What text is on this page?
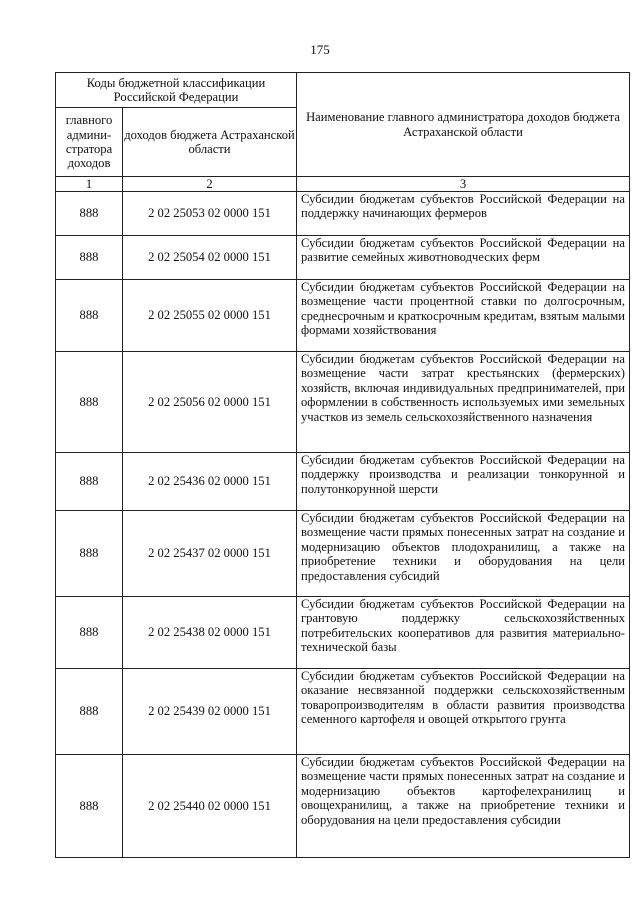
175
Коды бюджетной классификации Российской Федерации		Наименование главного администратора доходов бюджета Астраханской области
главного админи-стратора доходов	доходов бюджета Астраханской области	
1	2	3
888	2 02 25053 02 0000 151	Субсидии бюджетам субъектов Российской Федерации на поддержку начинающих фермеров
888	2 02 25054 02 0000 151	Субсидии бюджетам субъектов Российской Федерации на развитие семейных животноводческих ферм
888	2 02 25055 02 0000 151	Субсидии бюджетам субъектов Российской Федерации на возмещение части процентной ставки по долгосрочным, среднесрочным и краткосрочным кредитам, взятым малыми формами хозяйствования
888	2 02 25056 02 0000 151	Субсидии бюджетам субъектов Российской Федерации на возмещение части затрат крестьянских (фермерских) хозяйств, включая индивидуальных предпринимателей, при оформлении в собственность используемых ими земельных участков из земель сельскохозяйственного назначения
888	2 02 25436 02 0000 151	Субсидии бюджетам субъектов Российской Федерации на поддержку производства и реализации тонкорунной и полутонкорунной шерсти
888	2 02 25437 02 0000 151	Субсидии бюджетам субъектов Российской Федерации на возмещение части прямых понесенных затрат на создание и модернизацию объектов плодохранилищ, а также на приобретение техники и оборудования на цели предоставления субсидий
888	2 02 25438 02 0000 151	Субсидии бюджетам субъектов Российской Федерации на грантовую поддержку сельскохозяйственных потребительских кооперативов для развития материально-технической базы
888	2 02 25439 02 0000 151	Субсидии бюджетам субъектов Российской Федерации на оказание несвязанной поддержки сельскохозяйственным товаропроизводителям в области развития производства семенного картофеля и овощей открытого грунта
888	2 02 25440 02 0000 151	Субсидии бюджетам субъектов Российской Федерации на возмещение части прямых понесенных затрат на создание и модернизацию объектов картофелехранилищ и овощехранилищ, а также на приобретение техники и оборудования на цели предоставления субсидии
